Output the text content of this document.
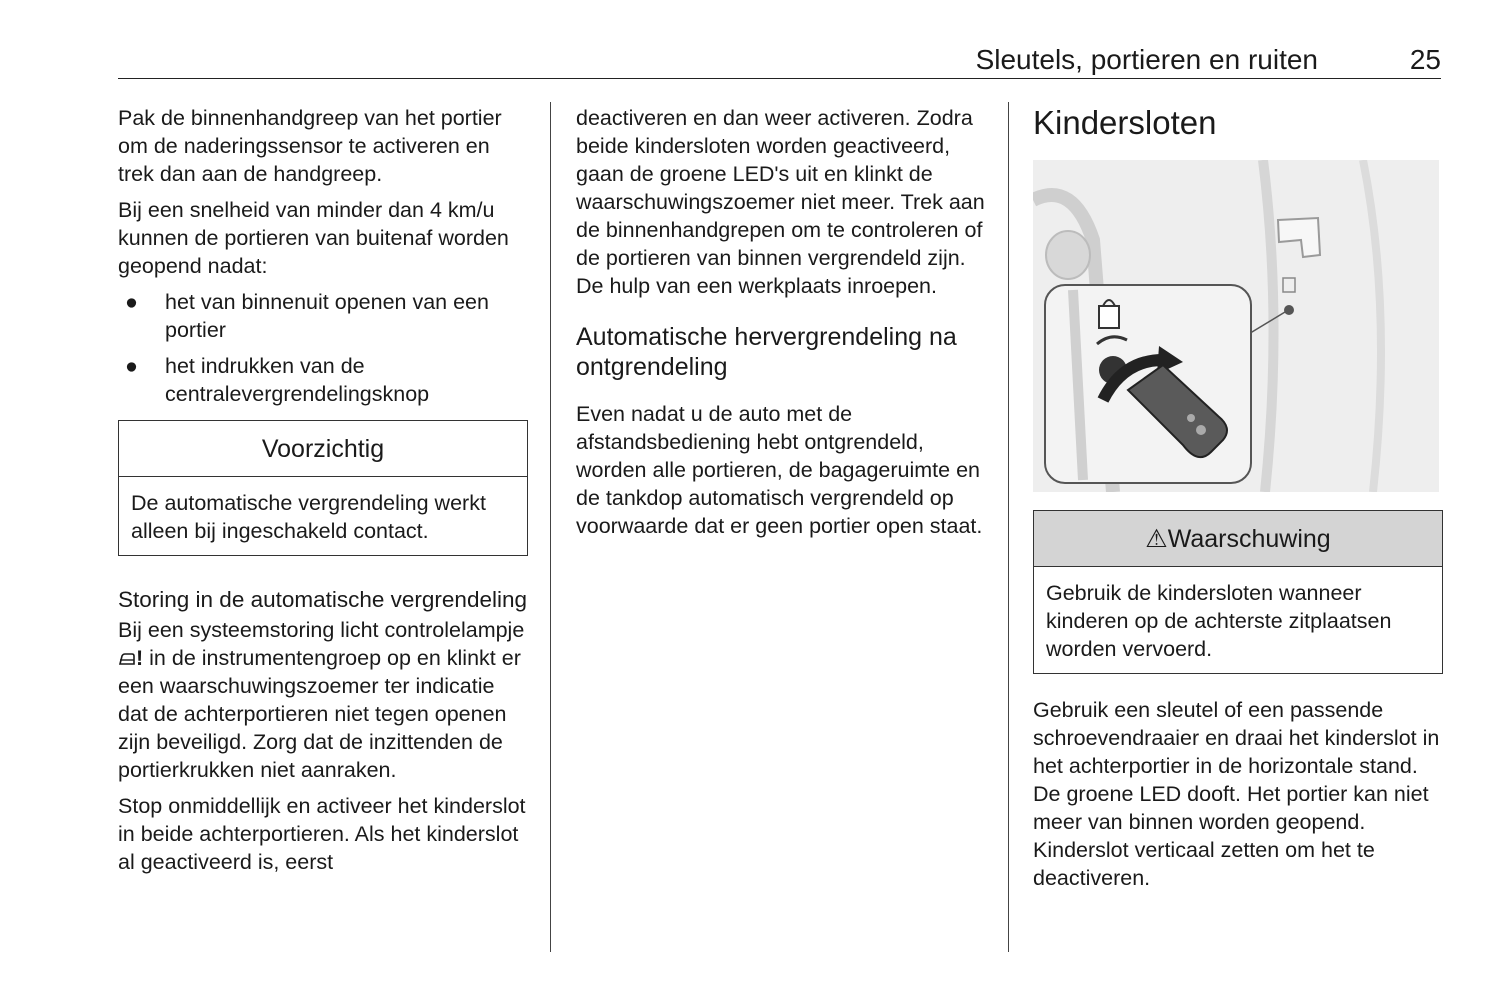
Sleutels, portieren en ruiten	25

Pak de binnenhandgreep van het portier om de naderingssensor te activeren en trek dan aan de handgreep.

Bij een snelheid van minder dan 4 km/u kunnen de portieren van buitenaf worden geopend nadat:

● het van binnenuit openen van een portier
● het indrukken van de centralevergrendelingsknop
Voorzichtig
De automatische vergrendeling werkt alleen bij ingeschakeld contact.
Storing in de automatische vergrendeling

Bij een systeemstoring licht controlelampje ! in de instrumentengroep op en klinkt er een waarschuwingszoemer ter indicatie dat de achterportieren niet tegen openen zijn beveiligd. Zorg dat de inzittenden de portierkrukken niet aanraken.

Stop onmiddellijk en activeer het kinderslot in beide achterportieren. Als het kinderslot al geactiveerd is, eerst

deactiveren en dan weer activeren. Zodra beide kindersloten worden geactiveerd, gaan de groene LED's uit en klinkt de waarschuwingszoemer niet meer. Trek aan de binnenhandgrepen om te controleren of de portieren van binnen vergrendeld zijn. De hulp van een werkplaats inroepen.

Automatische hervergrendeling na ontgrendeling

Even nadat u de auto met de afstandsbediening hebt ontgrendeld, worden alle portieren, de bagageruimte en de tankdop automatisch vergrendeld op voorwaarde dat er geen portier open staat.

Kindersloten
⚠Waarschuwing
Gebruik de kindersloten wanneer kinderen op de achterste zitplaatsen worden vervoerd.

Gebruik een sleutel of een passende schroevendraaier en draai het kinderslot in het achterportier in de horizontale stand. De groene LED dooft. Het portier kan niet meer van binnen worden geopend. Kinderslot verticaal zetten om het te deactiveren.
